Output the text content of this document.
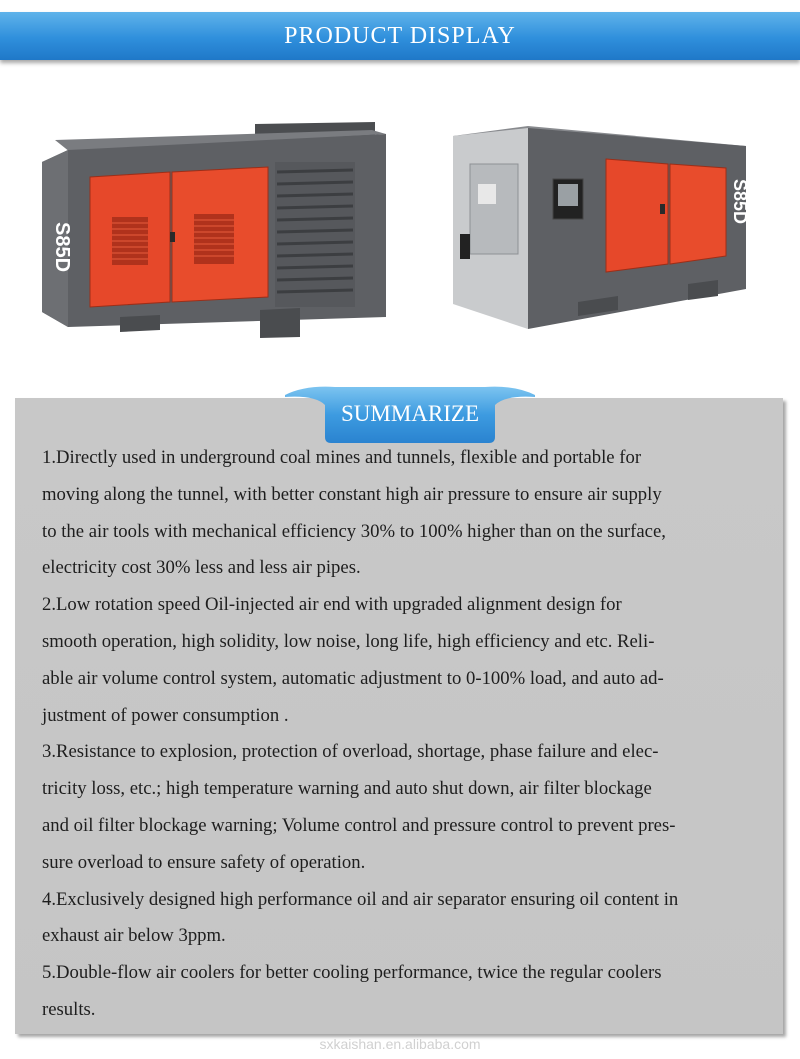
PRODUCT DISPLAY
S85D
S85D
SUMMARIZE

1.Directly used in underground coal mines and tunnels, flexible and portable for
moving along the tunnel, with better constant high air pressure to ensure air supply
to the air tools with mechanical efficiency 30% to 100% higher than on the surface,
electricity cost 30% less and less air pipes.

2.Low rotation speed Oil-injected air end with upgraded alignment design for
smooth operation, high solidity, low noise, long life, high efficiency and etc. Reli-
able air volume control system, automatic adjustment to 0-100% load, and auto ad-
justment of power consumption .

3.Resistance to explosion, protection of overload, shortage, phase failure and elec-
tricity loss, etc.; high temperature warning and auto shut down, air filter blockage
and oil filter blockage warning; Volume control and pressure control to prevent pres-
sure overload to ensure safety of operation.

4.Exclusively designed high performance oil and air separator ensuring oil content in
exhaust air below 3ppm.

5.Double-flow air coolers for better cooling performance, twice the regular coolers
results.

sxkaishan.en.alibaba.com
